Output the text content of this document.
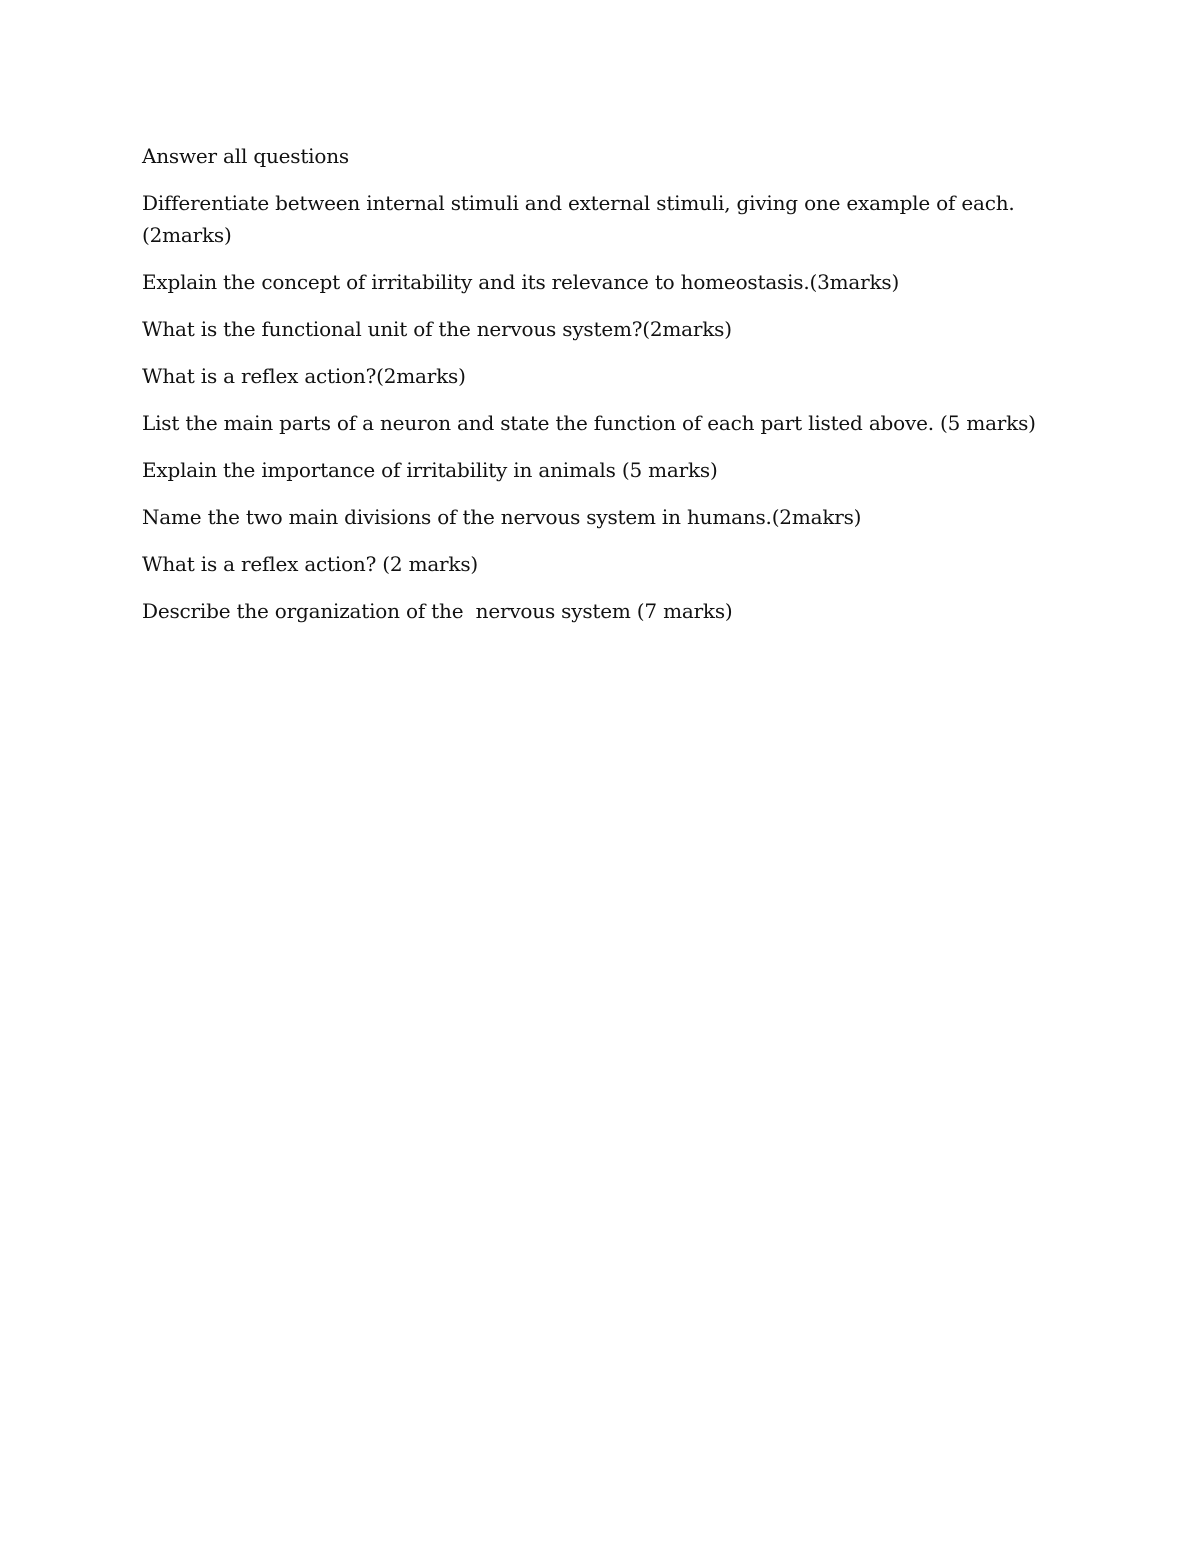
Answer all questions

Differentiate between internal stimuli and external stimuli, giving one example of each. (2marks)

Explain the concept of irritability and its relevance to homeostasis.(3marks)

What is the functional unit of the nervous system?(2marks)

What is a reflex action?(2marks)

List the main parts of a neuron and state the function of each part listed above. (5 marks)

Explain the importance of irritability in animals (5 marks)

Name the two main divisions of the nervous system in humans.(2makrs)

What is a reflex action? (2 marks)

Describe the organization of the  nervous system (7 marks)
